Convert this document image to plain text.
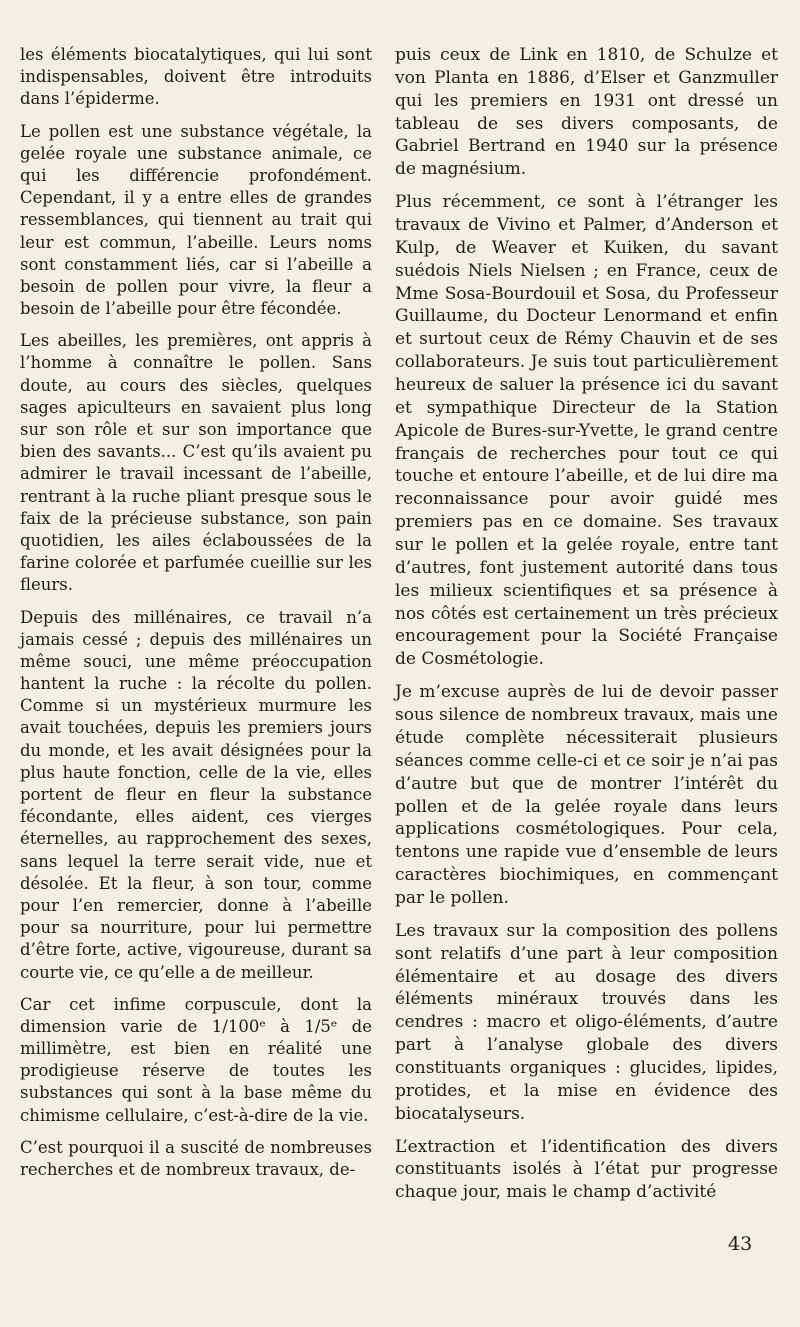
les éléments biocatalytiques, qui lui sont indispensables, doivent être introduits dans l’épiderme.

Le pollen est une substance végétale, la gelée royale une substance animale, ce qui les différencie profondément. Cependant, il y a entre elles de grandes ressemblances, qui tiennent au trait qui leur est commun, l’abeille. Leurs noms sont constamment liés, car si l’abeille a besoin de pollen pour vivre, la fleur a besoin de l’abeille pour être fécondée.

Les abeilles, les premières, ont appris à l’homme à connaître le pollen. Sans doute, au cours des siècles, quelques sages apiculteurs en savaient plus long sur son rôle et sur son importance que bien des savants... C’est qu’ils avaient pu admirer le travail incessant de l’abeille, rentrant à la ruche pliant presque sous le faix de la précieuse substance, son pain quotidien, les ailes éclaboussées de la farine colorée et parfumée cueillie sur les fleurs.

Depuis des millénaires, ce travail n’a jamais cessé ; depuis des millénaires un même souci, une même préoccupation hantent la ruche : la récolte du pollen. Comme si un mystérieux murmure les avait touchées, depuis les premiers jours du monde, et les avait désignées pour la plus haute fonction, celle de la vie, elles portent de fleur en fleur la substance fécondante, elles aident, ces vierges éternelles, au rapprochement des sexes, sans lequel la terre serait vide, nue et désolée. Et la fleur, à son tour, comme pour l’en remercier, donne à l’abeille pour sa nourriture, pour lui permettre d’être forte, active, vigoureuse, durant sa courte vie, ce qu’elle a de meilleur.

Car cet infime corpuscule, dont la dimension varie de 1/100ᵉ à 1/5ᵉ de millimètre, est bien en réalité une prodigieuse réserve de toutes les substances qui sont à la base même du chimisme cellulaire, c’est-à-dire de la vie.

C’est pourquoi il a suscité de nombreuses recherches et de nombreux travaux, de-

puis ceux de Link en 1810, de Schulze et von Planta en 1886, d’Elser et Ganzmuller qui les premiers en 1931 ont dressé un tableau de ses divers composants, de Gabriel Bertrand en 1940 sur la présence de magnésium.

Plus récemment, ce sont à l’étranger les travaux de Vivino et Palmer, d’Anderson et Kulp, de Weaver et Kuiken, du savant suédois Niels Nielsen ; en France, ceux de Mme Sosa-Bourdouil et Sosa, du Professeur Guillaume, du Docteur Lenormand et enfin et surtout ceux de Rémy Chauvin et de ses collaborateurs. Je suis tout particulièrement heureux de saluer la présence ici du savant et sympathique Directeur de la Station Apicole de Bures-sur-Yvette, le grand centre français de recherches pour tout ce qui touche et entoure l’abeille, et de lui dire ma reconnaissance pour avoir guidé mes premiers pas en ce domaine. Ses travaux sur le pollen et la gelée royale, entre tant d’autres, font justement autorité dans tous les milieux scientifiques et sa présence à nos côtés est certainement un très précieux encouragement pour la Société Française de Cosmétologie.

Je m’excuse auprès de lui de devoir passer sous silence de nombreux travaux, mais une étude complète nécessiterait plusieurs séances comme celle-ci et ce soir je n’ai pas d’autre but que de montrer l’intérêt du pollen et de la gelée royale dans leurs applications cosmétologiques. Pour cela, tentons une rapide vue d’ensemble de leurs caractères biochimiques, en commençant par le pollen.

Les travaux sur la composition des pollens sont relatifs d’une part à leur composition élémentaire et au dosage des divers éléments minéraux trouvés dans les cendres : macro et oligo-éléments, d’autre part à l’analyse globale des divers constituants organiques : glucides, lipides, protides, et la mise en évidence des biocatalyseurs.

L’extraction et l’identification des divers constituants isolés à l’état pur progresse chaque jour, mais le champ d’activité

43
